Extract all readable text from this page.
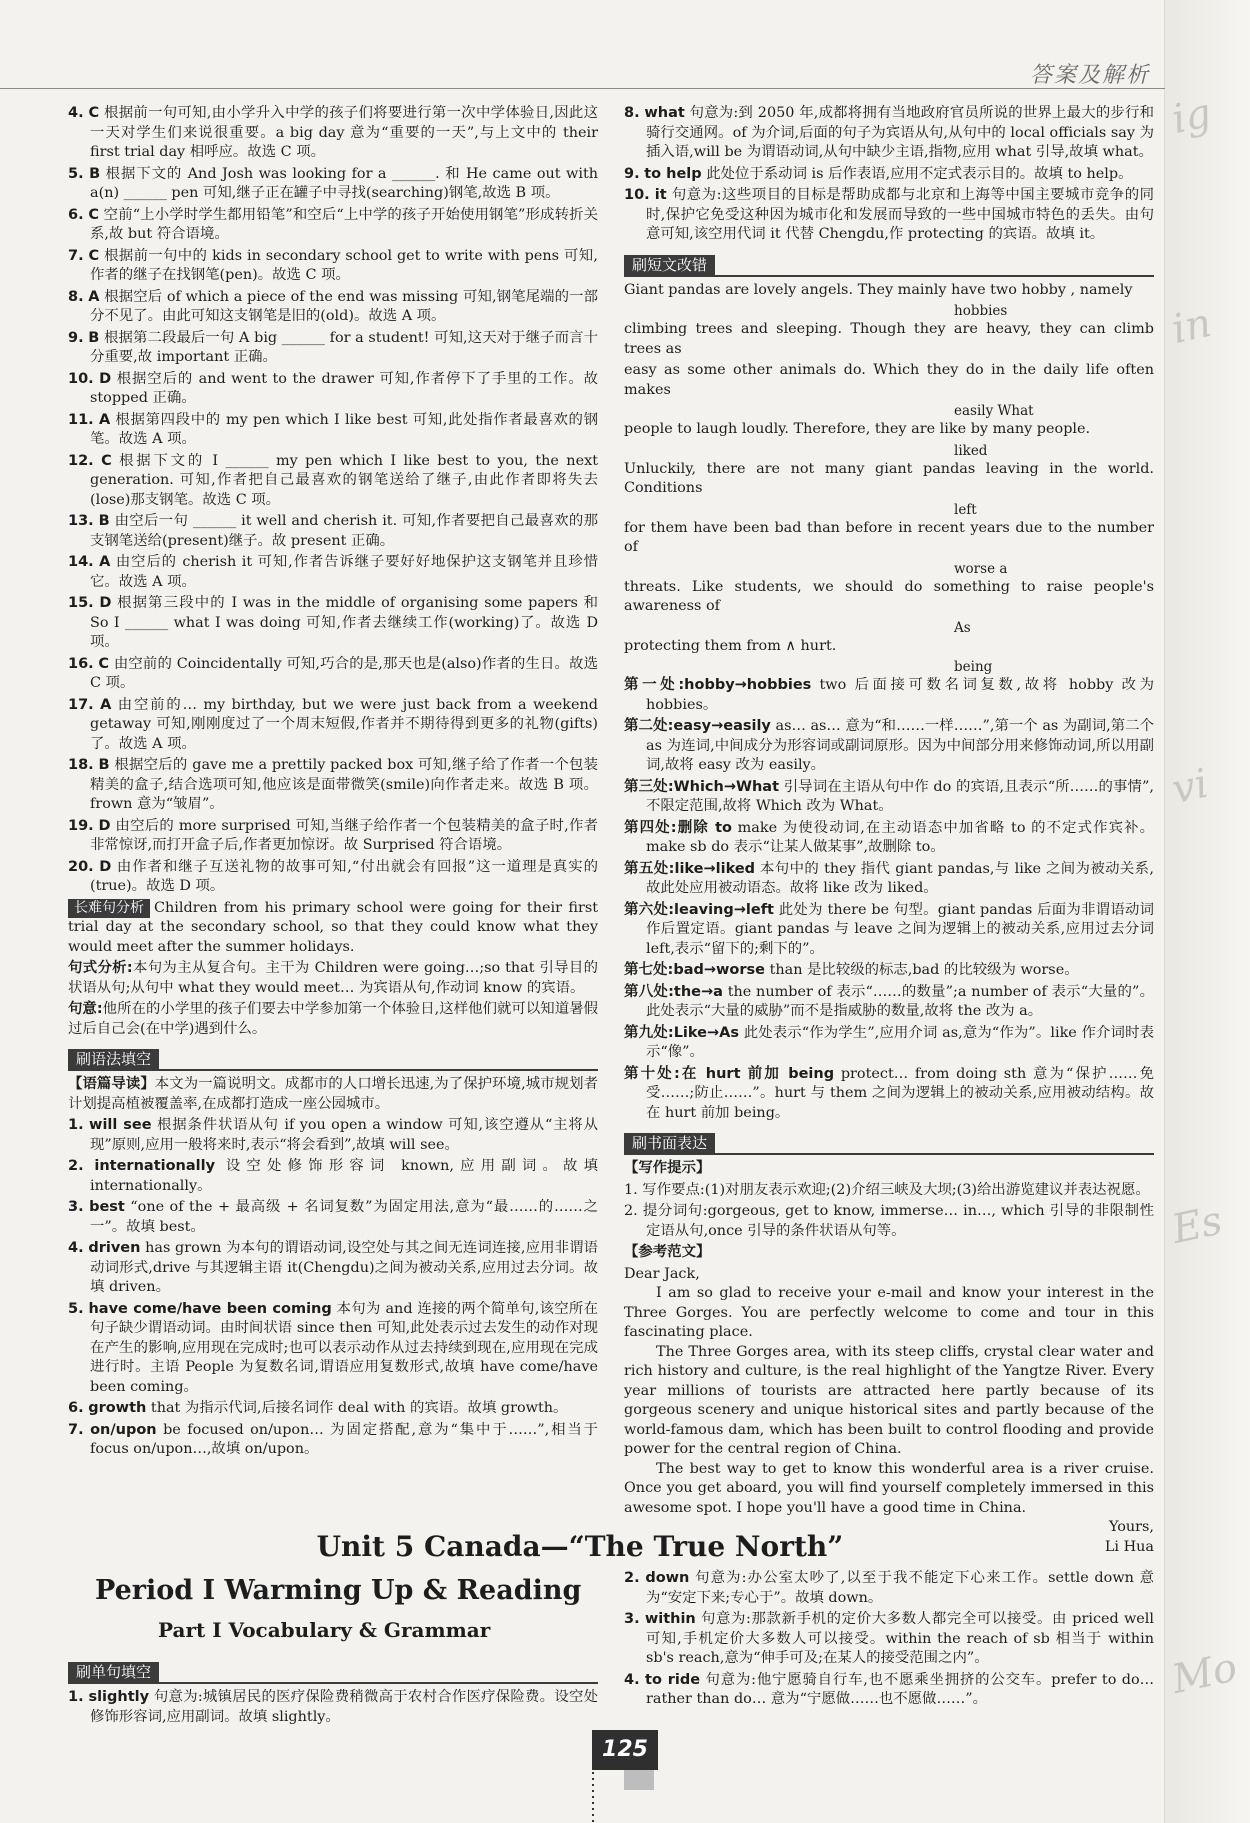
ig
in
vi
Es
Mo
答案及解析
4. C 根据前一句可知,由小学升入中学的孩子们将要进行第一次中学体验日,因此这一天对学生们来说很重要。a big day 意为“重要的一天”,与上文中的 their first trial day 相呼应。故选 C 项。
5. B 根据下文的 And Josh was looking for a ______. 和 He came out with a(n) ______ pen 可知,继子正在罐子中寻找(searching)钢笔,故选 B 项。
6. C 空前“上小学时学生都用铅笔”和空后“上中学的孩子开始使用钢笔”形成转折关系,故 but 符合语境。
7. C 根据前一句中的 kids in secondary school get to write with pens 可知,作者的继子在找钢笔(pen)。故选 C 项。
8. A 根据空后 of which a piece of the end was missing 可知,钢笔尾端的一部分不见了。由此可知这支钢笔是旧的(old)。故选 A 项。
9. B 根据第二段最后一句 A big ______ for a student! 可知,这天对于继子而言十分重要,故 important 正确。
10. D 根据空后的 and went to the drawer 可知,作者停下了手里的工作。故 stopped 正确。
11. A 根据第四段中的 my pen which I like best 可知,此处指作者最喜欢的钢笔。故选 A 项。
12. C 根据下文的 I ______ my pen which I like best to you, the next generation. 可知,作者把自己最喜欢的钢笔送给了继子,由此作者即将失去(lose)那支钢笔。故选 C 项。
13. B 由空后一句 ______ it well and cherish it. 可知,作者要把自己最喜欢的那支钢笔送给(present)继子。故 present 正确。
14. A 由空后的 cherish it 可知,作者告诉继子要好好地保护这支钢笔并且珍惜它。故选 A 项。
15. D 根据第三段中的 I was in the middle of organising some papers 和 So I ______ what I was doing 可知,作者去继续工作(working)了。故选 D 项。
16. C 由空前的 Coincidentally 可知,巧合的是,那天也是(also)作者的生日。故选 C 项。
17. A 由空前的… my birthday, but we were just back from a weekend getaway 可知,刚刚度过了一个周末短假,作者并不期待得到更多的礼物(gifts)了。故选 A 项。
18. B 根据空后的 gave me a prettily packed box 可知,继子给了作者一个包装精美的盒子,结合选项可知,他应该是面带微笑(smile)向作者走来。故选 B 项。frown 意为“皱眉”。
19. D 由空后的 more surprised 可知,当继子给作者一个包装精美的盒子时,作者非常惊讶,而打开盒子后,作者更加惊讶。故 Surprised 符合语境。
20. D 由作者和继子互送礼物的故事可知,“付出就会有回报”这一道理是真实的(true)。故选 D 项。
长难句分析 Children from his primary school were going for their first trial day at the secondary school, so that they could know what they would meet after the summer holidays.
句式分析:本句为主从复合句。主干为 Children were going…;so that 引导目的状语从句;从句中 what they would meet… 为宾语从句,作动词 know 的宾语。
句意:他所在的小学里的孩子们要去中学参加第一个体验日,这样他们就可以知道暑假过后自己会(在中学)遇到什么。
刷语法填空
【语篇导读】本文为一篇说明文。成都市的人口增长迅速,为了保护环境,城市规划者计划提高植被覆盖率,在成都打造成一座公园城市。
1. will see 根据条件状语从句 if you open a window 可知,该空遵从“主将从现”原则,应用一般将来时,表示“将会看到”,故填 will see。
2. internationally 设空处修饰形容词 known,应用副词。故填 internationally。
3. best “one of the + 最高级 + 名词复数”为固定用法,意为“最……的……之一”。故填 best。
4. driven has grown 为本句的谓语动词,设空处与其之间无连词连接,应用非谓语动词形式,drive 与其逻辑主语 it(Chengdu)之间为被动关系,应用过去分词。故填 driven。
5. have come/have been coming 本句为 and 连接的两个简单句,该空所在句子缺少谓语动词。由时间状语 since then 可知,此处表示过去发生的动作对现在产生的影响,应用现在完成时;也可以表示动作从过去持续到现在,应用现在完成进行时。主语 People 为复数名词,谓语应用复数形式,故填 have come/have been coming。
6. growth that 为指示代词,后接名词作 deal with 的宾语。故填 growth。
7. on/upon be focused on/upon… 为固定搭配,意为“集中于……”,相当于 focus on/upon…,故填 on/upon。
8. what 句意为:到 2050 年,成都将拥有当地政府官员所说的世界上最大的步行和骑行交通网。of 为介词,后面的句子为宾语从句,从句中的 local officials say 为插入语,will be 为谓语动词,从句中缺少主语,指物,应用 what 引导,故填 what。
9. to help 此处位于系动词 is 后作表语,应用不定式表示目的。故填 to help。
10. it 句意为:这些项目的目标是帮助成都与北京和上海等中国主要城市竞争的同时,保护它免受这种因为城市化和发展而导致的一些中国城市特色的丢失。由句意可知,该空用代词 it 代替 Chengdu,作 protecting 的宾语。故填 it。
刷短文改错
Giant pandas are lovely angels. They mainly have two hobby , namely
hobbies
climbing trees and sleeping. Though they are heavy, they can climb trees as
easy as some other animals do. Which they do in the daily life often makes
easily What
people to laugh loudly. Therefore, they are like by many people.
liked
Unluckily, there are not many giant pandas leaving in the world. Conditions
left
for them have been bad than before in recent years due to the number of
worse a
threats. Like students, we should do something to raise people's awareness of
As
protecting them from ∧ hurt.
being
第一处:hobby→hobbies two 后面接可数名词复数,故将 hobby 改为 hobbies。
第二处:easy→easily as… as… 意为“和……一样……”,第一个 as 为副词,第二个 as 为连词,中间成分为形容词或副词原形。因为中间部分用来修饰动词,所以用副词,故将 easy 改为 easily。
第三处:Which→What 引导词在主语从句中作 do 的宾语,且表示“所……的事情”,不限定范围,故将 Which 改为 What。
第四处:删除 to make 为使役动词,在主动语态中加省略 to 的不定式作宾补。make sb do 表示“让某人做某事”,故删除 to。
第五处:like→liked 本句中的 they 指代 giant pandas,与 like 之间为被动关系,故此处应用被动语态。故将 like 改为 liked。
第六处:leaving→left 此处为 there be 句型。giant pandas 后面为非谓语动词作后置定语。giant pandas 与 leave 之间为逻辑上的被动关系,应用过去分词 left,表示“留下的;剩下的”。
第七处:bad→worse than 是比较级的标志,bad 的比较级为 worse。
第八处:the→a the number of 表示“……的数量”;a number of 表示“大量的”。此处表示“大量的威胁”而不是指威胁的数量,故将 the 改为 a。
第九处:Like→As 此处表示“作为学生”,应用介词 as,意为“作为”。like 作介词时表示“像”。
第十处:在 hurt 前加 being protect… from doing sth 意为“保护……免受……;防止……”。hurt 与 them 之间为逻辑上的被动关系,应用被动结构。故在 hurt 前加 being。
刷书面表达
【写作提示】
1. 写作要点:(1)对朋友表示欢迎;(2)介绍三峡及大坝;(3)给出游览建议并表达祝愿。
2. 提分词句:gorgeous, get to know, immerse… in…, which 引导的非限制性定语从句,once 引导的条件状语从句等。
【参考范文】

Dear Jack,

I am so glad to receive your e-mail and know your interest in the Three Gorges. You are perfectly welcome to come and tour in this fascinating place.

The Three Gorges area, with its steep cliffs, crystal clear water and rich history and culture, is the real highlight of the Yangtze River. Every year millions of tourists are attracted here partly because of its gorgeous scenery and unique historical sites and partly because of the world-famous dam, which has been built to control flooding and provide power for the central region of China.

The best way to get to know this wonderful area is a river cruise. Once you get aboard, you will find yourself completely immersed in this awesome spot. I hope you'll have a good time in China.

Yours,

Li Hua

Unit 5 Canada—“The True North”
Period Ⅰ Warming Up & Reading
Part Ⅰ Vocabulary & Grammar
刷单句填空
1. slightly 句意为:城镇居民的医疗保险费稍微高于农村合作医疗保险费。设空处修饰形容词,应用副词。故填 slightly。
2. down 句意为:办公室太吵了,以至于我不能定下心来工作。settle down 意为“安定下来;专心于”。故填 down。
3. within 句意为:那款新手机的定价大多数人都完全可以接受。由 priced well 可知,手机定价大多数人可以接受。within the reach of sb 相当于 within sb's reach,意为“伸手可及;在某人的接受范围之内”。
4. to ride 句意为:他宁愿骑自行车,也不愿乘坐拥挤的公交车。prefer to do… rather than do… 意为“宁愿做……也不愿做……”。
125
